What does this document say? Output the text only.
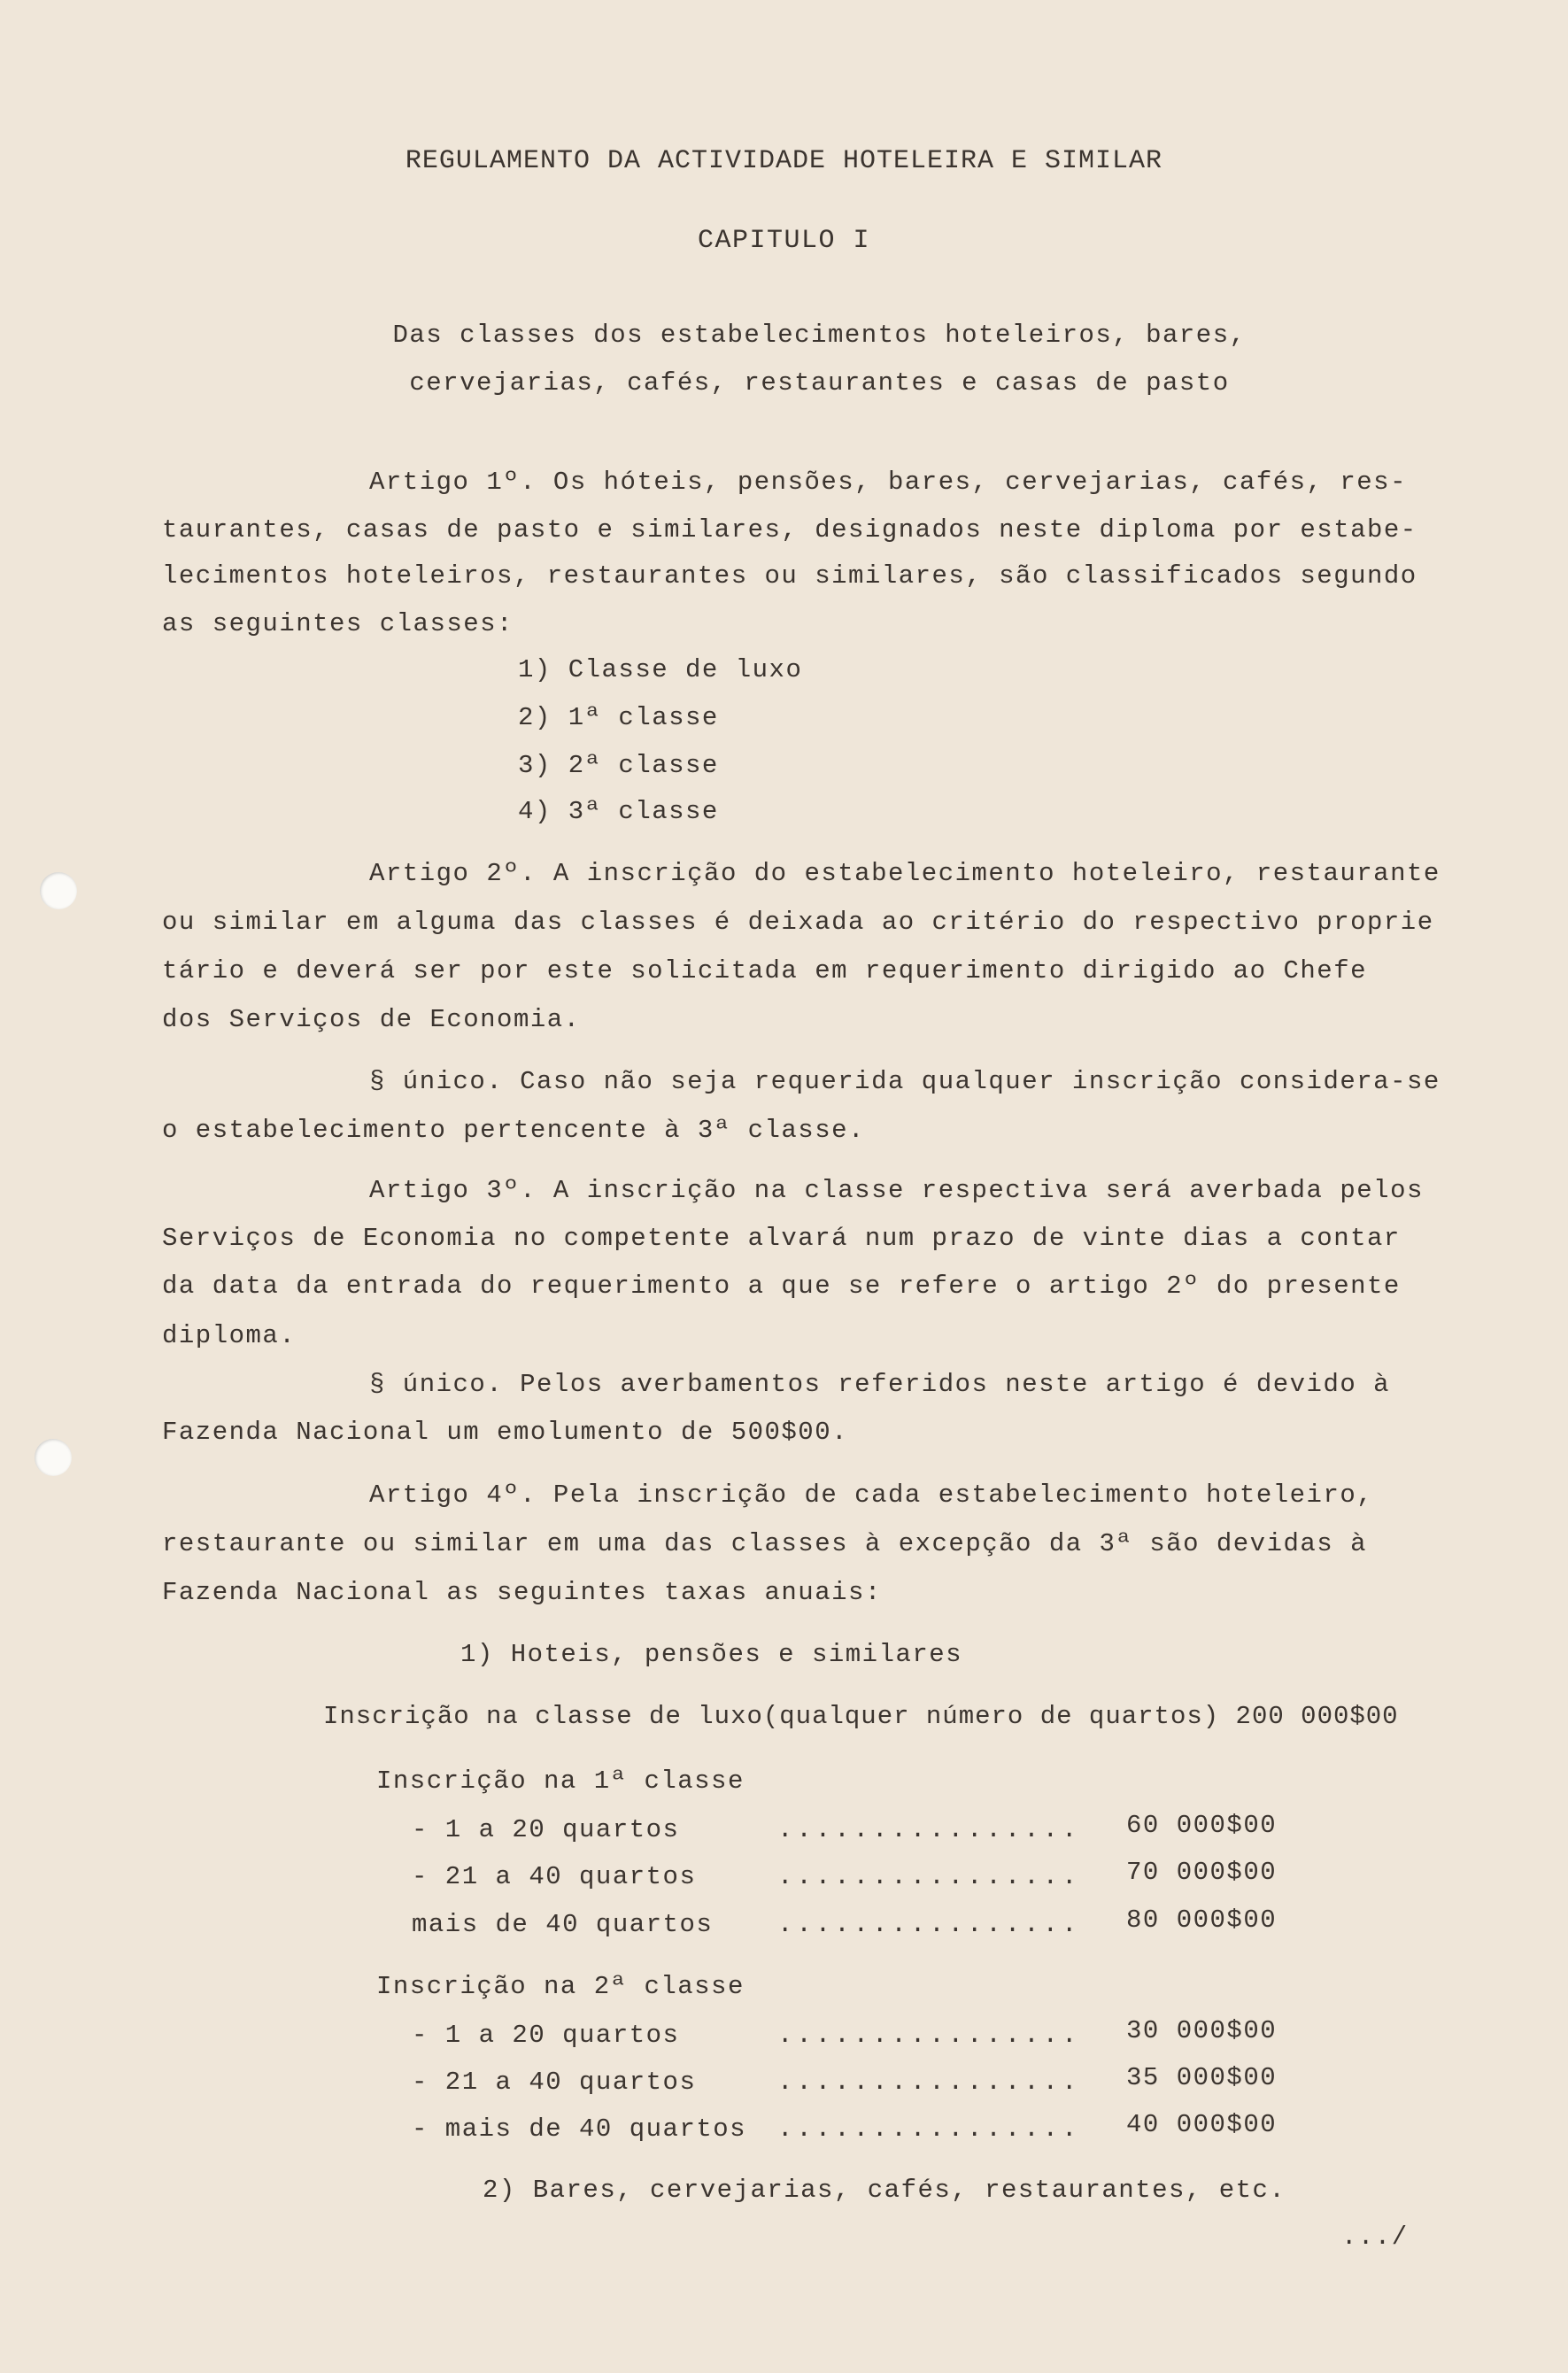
REGULAMENTO DA ACTIVIDADE HOTELEIRA E SIMILAR
CAPITULO I
Das classes dos estabelecimentos hoteleiros, bares,
cervejarias, cafés, restaurantes e casas de pasto
Artigo 1º. Os hóteis, pensões, bares, cervejarias, cafés, res-
taurantes, casas de pasto e similares, designados neste diploma por estabe-
lecimentos hoteleiros, restaurantes ou similares, são classificados segundo
as seguintes classes:
1) Classe de luxo
2) 1ª classe
3) 2ª classe
4) 3ª classe
Artigo 2º. A inscrição do estabelecimento hoteleiro, restaurante
ou similar em alguma das classes é deixada ao critério do respectivo proprie
tário e deverá ser por este solicitada em requerimento dirigido ao Chefe
dos Serviços de Economia.
§ único. Caso não seja requerida qualquer inscrição considera-se
o estabelecimento pertencente à 3ª classe.
Artigo 3º. A inscrição na classe respectiva será averbada pelos
Serviços de Economia no competente alvará num prazo de vinte dias a contar
da data da entrada do requerimento a que se refere o artigo 2º do presente
diploma.
§ único. Pelos averbamentos referidos neste artigo é devido à
Fazenda Nacional um emolumento de 500$00.
Artigo 4º. Pela inscrição de cada estabelecimento hoteleiro,
restaurante ou similar em uma das classes à excepção da 3ª são devidas à
Fazenda Nacional as seguintes taxas anuais:
1) Hoteis, pensões e similares
Inscrição na classe de luxo(qualquer número de quartos) 200 000$00
Inscrição na 1ª classe
- 1 a 20 quartos	................ 60 000$00
- 21 a 40 quartos	................ 70 000$00
mais de 40 quartos	................ 80 000$00
Inscrição na 2ª classe
- 1 a 20 quartos	................ 30 000$00
- 21 a 40 quartos	................ 35 000$00
- mais de 40 quartos ................ 40 000$00
2) Bares, cervejarias, cafés, restaurantes, etc.
.../
